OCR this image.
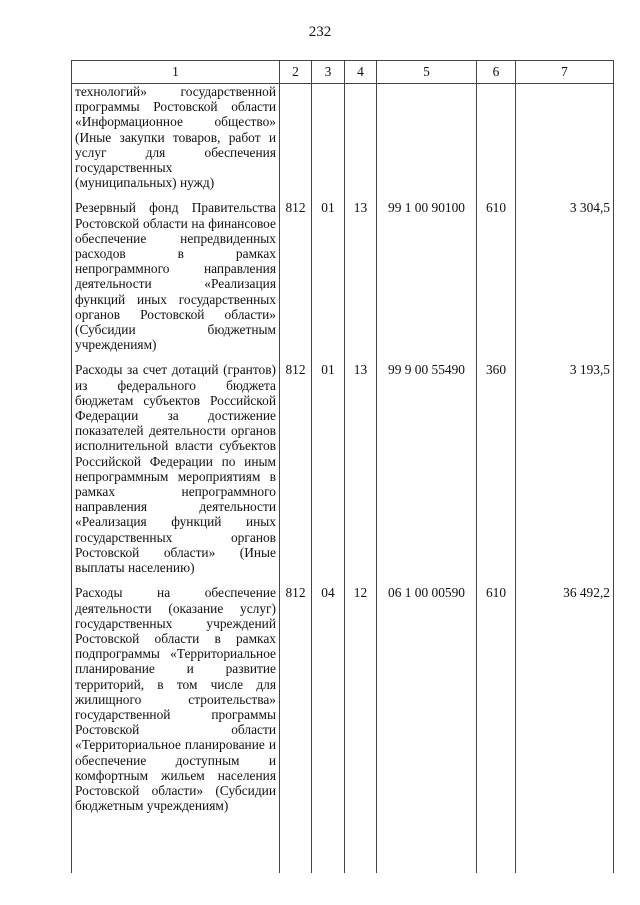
232
1	2	3	4	5	6	7
технологий» государственной программы Ростовской области «Информационное общество» (Иные закупки товаров, работ и услуг для обеспечения государственных (муниципальных) нужд)						

Резервный фонд Правительства Ростовской области на финансовое обеспечение непредвиденных расходов в рамках непрограммного направления деятельности «Реализация функций иных государственных органов Ростовской области» (Субсидии бюджетным учреждениям)	812	01	13	99 1 00 90100	610	3 304,5

Расходы за счет дотаций (грантов) из федерального бюджета бюджетам субъектов Российской Федерации за достижение показателей деятельности органов исполнительной власти субъектов Российской Федерации по иным непрограммным мероприятиям в рамках непрограммного направления деятельности «Реализация функций иных государственных органов Ростовской области» (Иные выплаты населению)	812	01	13	99 9 00 55490	360	3 193,5

Расходы на обеспечение деятельности (оказание услуг) государственных учреждений Ростовской области в рамках подпрограммы «Территориальное планирование и развитие территорий, в том числе для жилищного строительства» государственной программы Ростовской области «Территориальное планирование и обеспечение доступным и комфортным жильем населения Ростовской области» (Субсидии бюджетным учреждениям)	812	04	12	06 1 00 00590	610	36 492,2
